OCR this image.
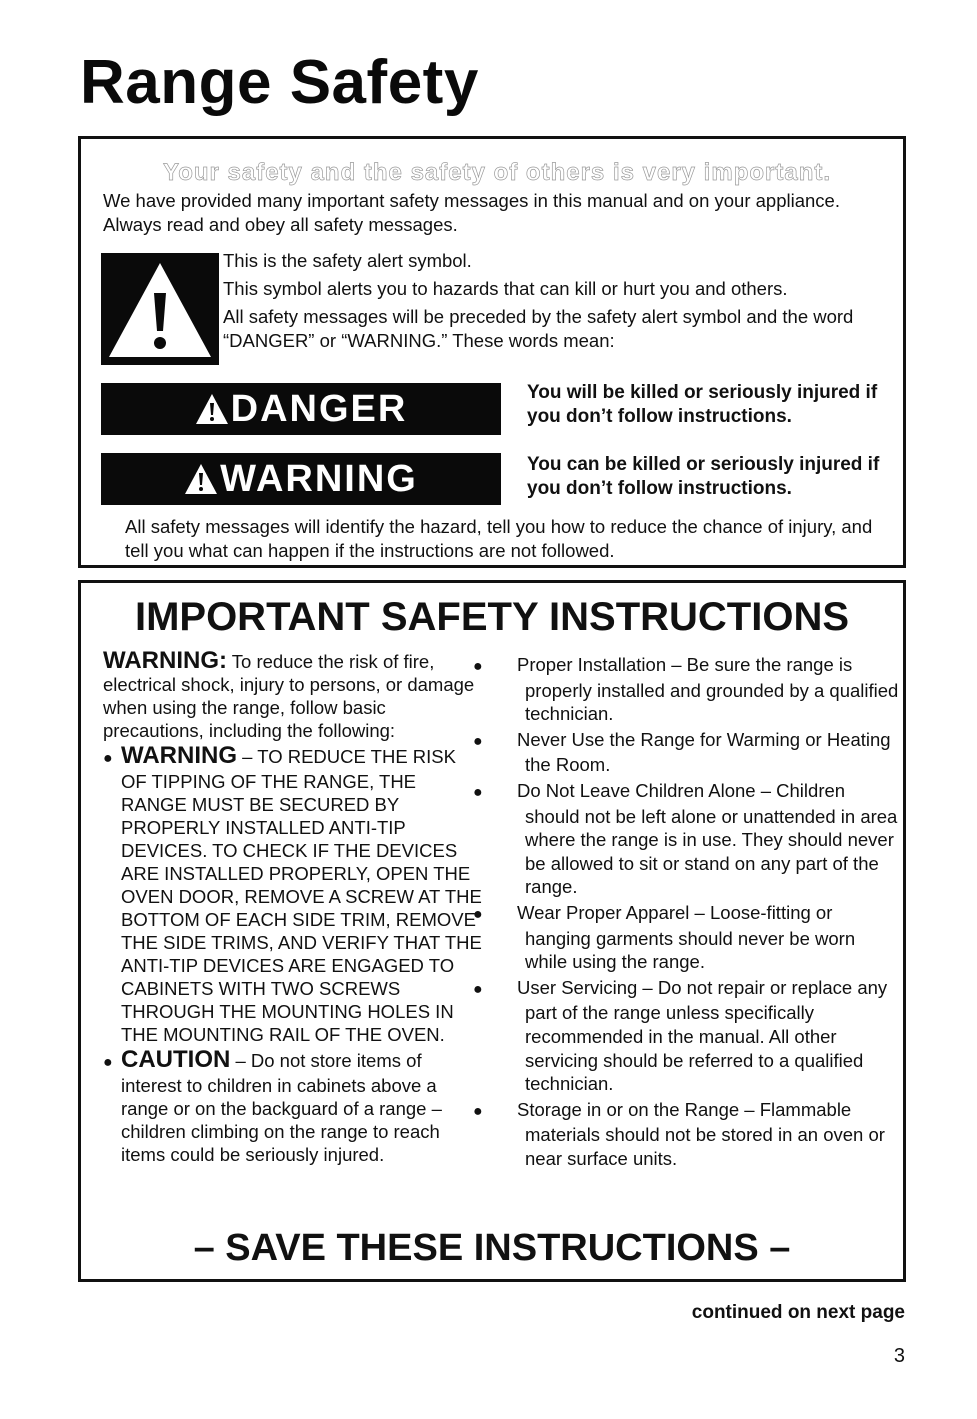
Range Safety
Your safety and the safety of others is very important.
We have provided many important safety messages in this manual and on your appliance. Always read and obey all safety messages.

This is the safety alert symbol.

This symbol alerts you to hazards that can kill or hurt you and others.

All safety messages will be preceded by the safety alert symbol and the word “DANGER” or “WARNING.” These words mean:

DANGER	You will be killed or seriously injured if you don’t follow instructions.
WARNING	You can be killed or seriously injured if you don’t follow instructions.
All safety messages will identify the hazard, tell you how to reduce the chance of injury, and tell you what can happen if the instructions are not followed.
IMPORTANT SAFETY INSTRUCTIONS

WARNING: To reduce the risk of fire, electrical shock, injury to persons, or damage when using the range, follow basic precautions, including the following:

● WARNING – TO REDUCE THE RISK OF TIPPING OF THE RANGE, THE RANGE MUST BE SECURED BY PROPERLY INSTALLED ANTI-TIP DEVICES. TO CHECK IF THE DEVICES ARE INSTALLED PROPERLY, OPEN THE OVEN DOOR, REMOVE A SCREW AT THE BOTTOM OF EACH SIDE TRIM, REMOVE THE SIDE TRIMS, AND VERIFY THAT THE ANTI-TIP DEVICES ARE ENGAGED TO CABINETS WITH TWO SCREWS THROUGH THE MOUNTING HOLES IN THE MOUNTING RAIL OF THE OVEN.

● CAUTION – Do not store items of interest to children in cabinets above a range or on the backguard of a range – children climbing on the range to reach items could be seriously injured.

● Proper Installation – Be sure the range is properly installed and grounded by a qualified technician.

● Never Use the Range for Warming or Heating the Room.

● Do Not Leave Children Alone – Children should not be left alone or unattended in area where the range is in use. They should never be allowed to sit or stand on any part of the range.

● Wear Proper Apparel – Loose-fitting or hanging garments should never be worn while using the range.

● User Servicing – Do not repair or replace any part of the range unless specifically recommended in the manual. All other servicing should be referred to a qualified technician.

● Storage in or on the Range – Flammable materials should not be stored in an oven or near surface units.

– SAVE THESE INSTRUCTIONS –
continued on next page
3
